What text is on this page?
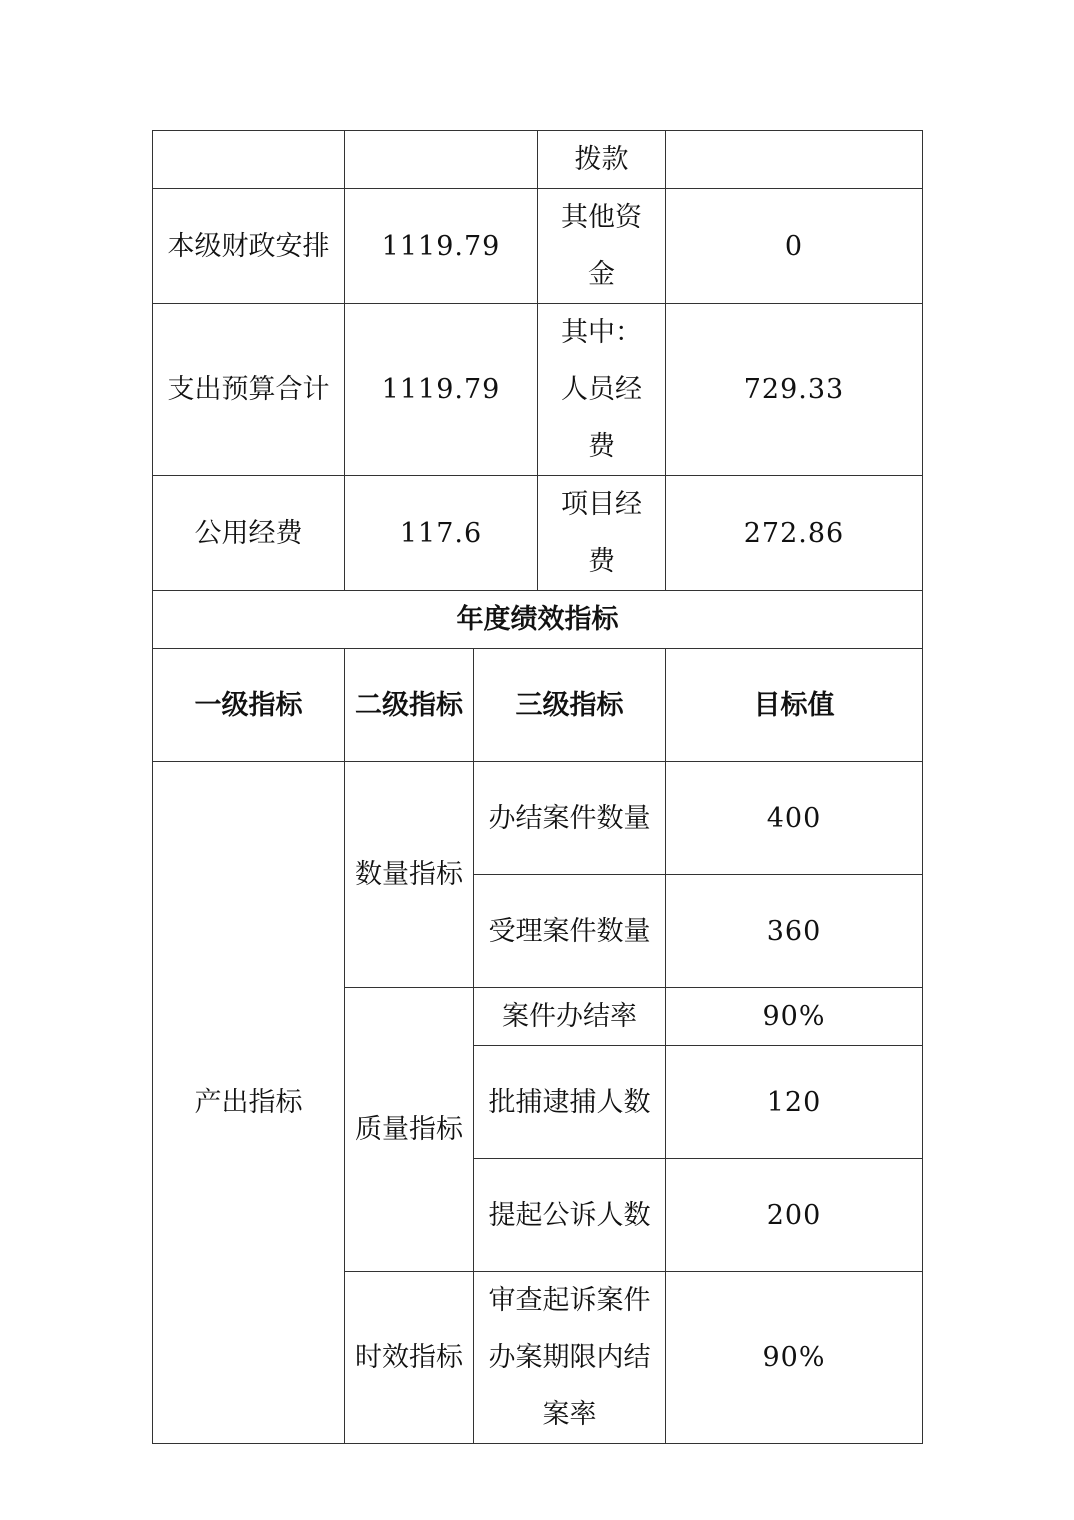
		拨款	
本级财政安排	1119.79	其他资金	0
支出预算合计	1119.79	其中：人员经费	729.33
公用经费	117.6	项目经费	272.86
年度绩效指标			
一级指标	二级指标	三级指标	目标值
产出指标	数量指标	办结案件数量	400
		受理案件数量	360
	质量指标	案件办结率	90%
		批捕逮捕人数	120
		提起公诉人数	200
	时效指标	审查起诉案件办案期限内结案率	90%
